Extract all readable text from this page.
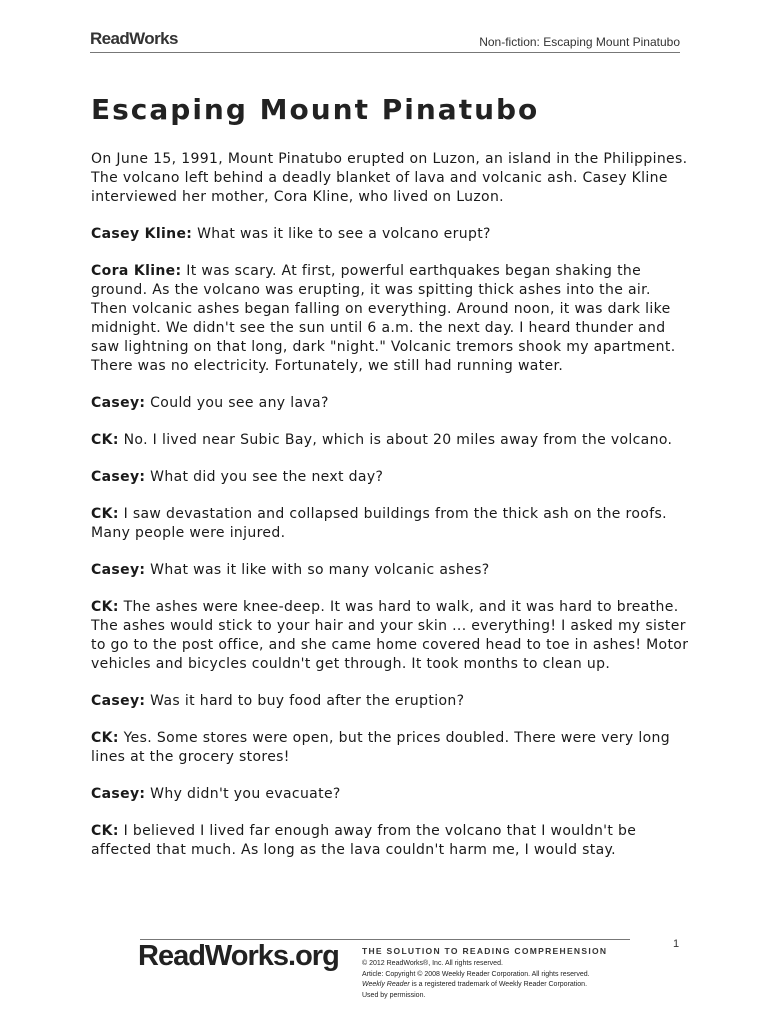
ReadWorks	Non-fiction: Escaping Mount Pinatubo
Escaping Mount Pinatubo

On June 15, 1991, Mount Pinatubo erupted on Luzon, an island in the Philippines. The volcano left behind a deadly blanket of lava and volcanic ash. Casey Kline interviewed her mother, Cora Kline, who lived on Luzon.

Casey Kline: What was it like to see a volcano erupt?

Cora Kline: It was scary. At first, powerful earthquakes began shaking the ground. As the volcano was erupting, it was spitting thick ashes into the air. Then volcanic ashes began falling on everything. Around noon, it was dark like midnight. We didn't see the sun until 6 a.m. the next day. I heard thunder and saw lightning on that long, dark "night." Volcanic tremors shook my apartment. There was no electricity. Fortunately, we still had running water.

Casey: Could you see any lava?

CK: No. I lived near Subic Bay, which is about 20 miles away from the volcano.

Casey: What did you see the next day?

CK: I saw devastation and collapsed buildings from the thick ash on the roofs. Many people were injured.

Casey: What was it like with so many volcanic ashes?

CK: The ashes were knee-deep. It was hard to walk, and it was hard to breathe. The ashes would stick to your hair and your skin ... everything! I asked my sister to go to the post office, and she came home covered head to toe in ashes! Motor vehicles and bicycles couldn't get through. It took months to clean up.

Casey: Was it hard to buy food after the eruption?

CK: Yes. Some stores were open, but the prices doubled. There were very long lines at the grocery stores!

Casey: Why didn't you evacuate?

CK: I believed I lived far enough away from the volcano that I wouldn't be affected that much. As long as the lava couldn't harm me, I would stay.

1
ReadWorks.org	THE SOLUTION TO READING COMPREHENSION
© 2012 ReadWorks®, Inc. All rights reserved.
Article: Copyright © 2008 Weekly Reader Corporation. All rights reserved.
Weekly Reader is a registered trademark of Weekly Reader Corporation.
Used by permission.
